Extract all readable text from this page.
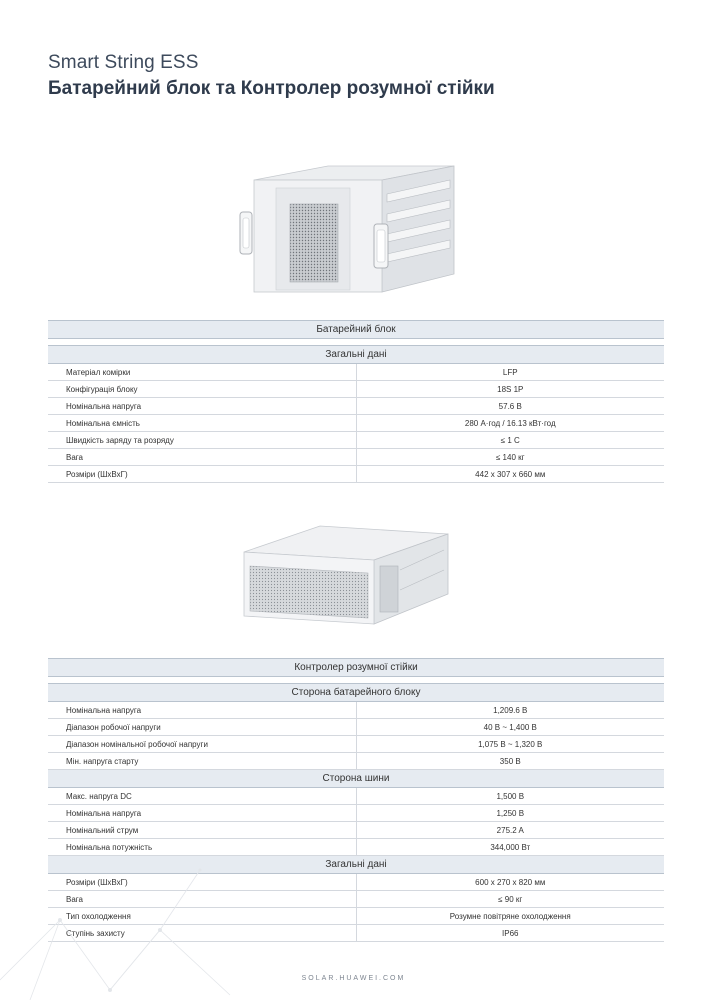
Smart String ESS
Батарейний блок та Контролер розумної стійки
Батарейний блок	

Загальні дані	
Матеріал комірки	LFP
Конфігурація блоку	18S 1P
Номінальна напруга	57.6 В
Номінальна ємність	280 А·год / 16.13 кВт·год
Швидкість заряду та розряду	≤ 1 C
Вага	≤ 140 кг
Розміри (ШхВхГ)	442 x 307 x 660 мм
Контролер розумної стійки	

Сторона батарейного блоку	
Номінальна напруга	1,209.6 В
Діапазон робочої напруги	40 В ~ 1,400 В
Діапазон номінальної робочої напруги	1,075 В ~ 1,320 В
Мін. напруга старту	350 В
Сторона шини	
Макс. напруга DC	1,500 В
Номінальна напруга	1,250 В
Номінальний струм	275.2 A
Номінальна потужність	344,000 Вт
Загальні дані	
Розміри (ШхВхГ)	600 x 270 x 820 мм
Вага	≤ 90 кг
Тип охолодження	Розумне повітряне охолодження
Ступінь захисту	IP66
SOLAR.HUAWEI.COM
